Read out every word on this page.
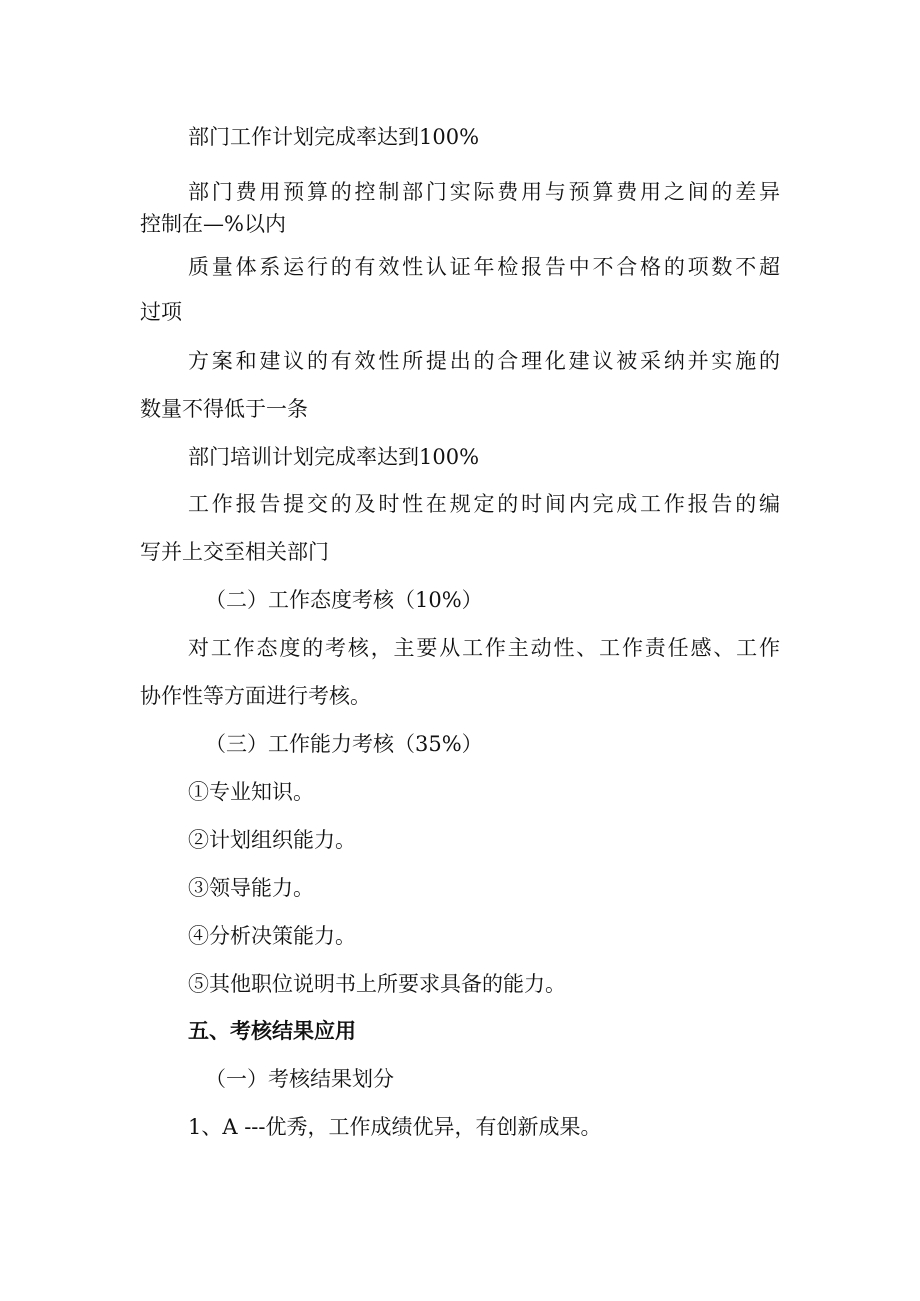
部门工作计划完成率达到100%
部门费用预算的控制部门实际费用与预算费用之间的差异
控制在—%以内
质量体系运行的有效性认证年检报告中不合格的项数不超
过项
方案和建议的有效性所提出的合理化建议被采纳并实施的
数量不得低于一条
部门培训计划完成率达到100%
工作报告提交的及时性在规定的时间内完成工作报告的编
写并上交至相关部门
（二）工作态度考核（10%）
对工作态度的考核，主要从工作主动性、工作责任感、工作
协作性等方面进行考核。
（三）工作能力考核（35%）
①专业知识。
②计划组织能力。
③领导能力。
④分析决策能力。
⑤其他职位说明书上所要求具备的能力。
五、考核结果应用
（一）考核结果划分
1、A ---优秀，工作成绩优异，有创新成果。
